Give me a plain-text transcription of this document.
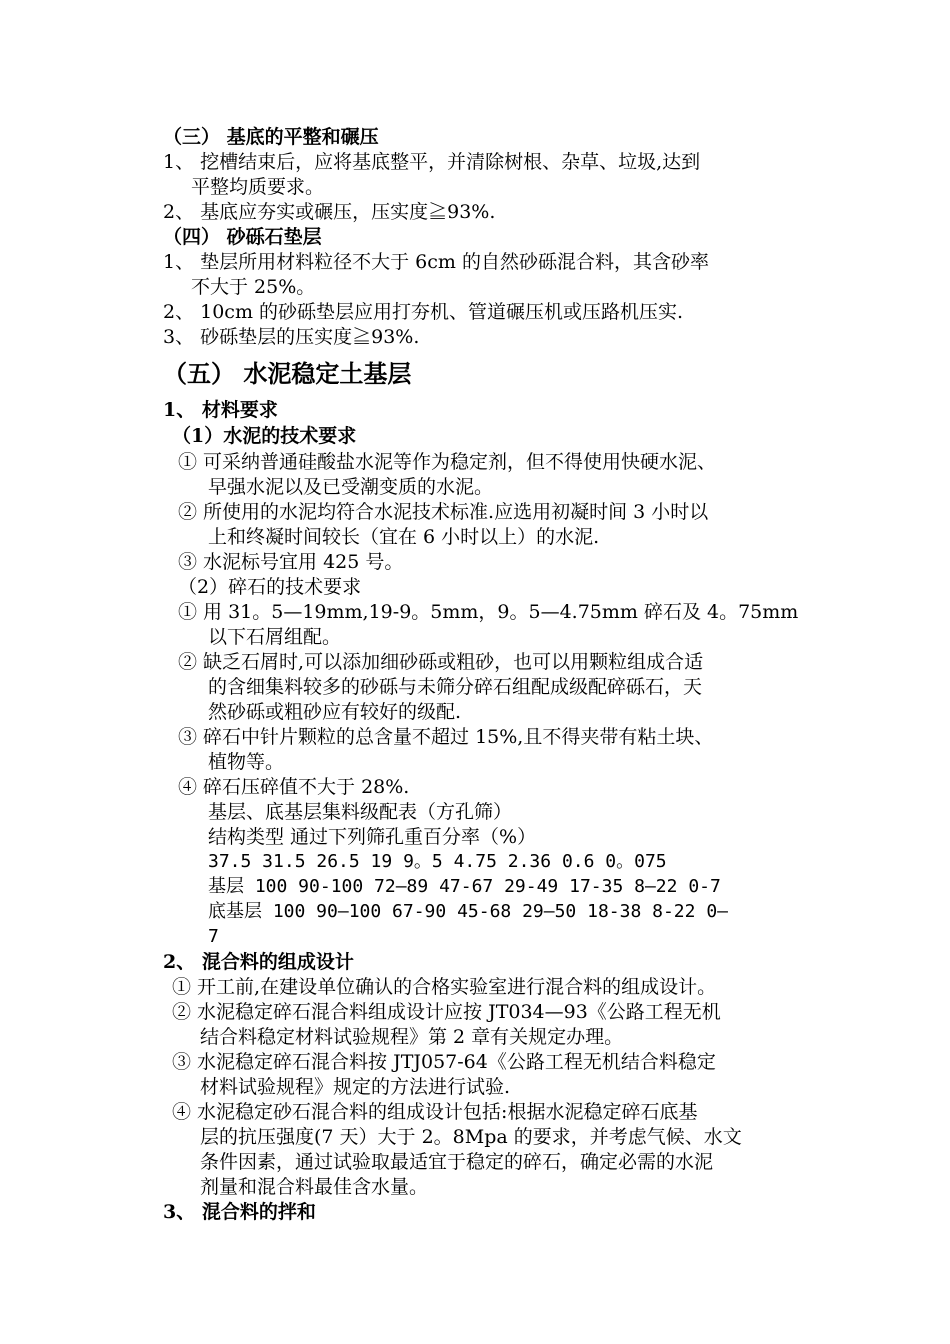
（三） 基底的平整和碾压
1、 挖槽结束后，应将基底整平，并清除树根、杂草、垃圾,达到
平整均质要求。
2、 基底应夯实或碾压，压实度≧93%.
（四） 砂砾石垫层
1、 垫层所用材料粒径不大于 6cm 的自然砂砾混合料，其含砂率
不大于 25%。
2、 10cm 的砂砾垫层应用打夯机、管道碾压机或压路机压实.
3、 砂砾垫层的压实度≧93%.
（五） 水泥稳定土基层
1、 材料要求
（1）水泥的技术要求
① 可采纳普通硅酸盐水泥等作为稳定剂，但不得使用快硬水泥、
早强水泥以及已受潮变质的水泥。
② 所使用的水泥均符合水泥技术标准.应选用初凝时间 3 小时以
上和终凝时间较长（宜在 6 小时以上）的水泥.
③ 水泥标号宜用 425 号。
（2）碎石的技术要求
① 用 31。5—19mm,19-9。5mm，9。5—4.75mm 碎石及 4。75mm
以下石屑组配。
② 缺乏石屑时,可以添加细砂砾或粗砂，也可以用颗粒组成合适
的含细集料较多的砂砾与未筛分碎石组配成级配碎砾石，天
然砂砾或粗砂应有较好的级配.
③ 碎石中针片颗粒的总含量不超过 15%,且不得夹带有粘土块、
植物等。
④ 碎石压碎值不大于 28%.
基层、底基层集料级配表（方孔筛）
结构类型 通过下列筛孔重百分率（%）
37.5 31.5 26.5 19 9。5 4.75 2.36 0.6 0。075
基层 100 90-100 72—89 47-67 29-49 17-35 8—22 0-7
底基层 100 90—100 67-90 45-68 29—50 18-38 8-22 0—
7
2、 混合料的组成设计
① 开工前,在建设单位确认的合格实验室进行混合料的组成设计。
② 水泥稳定碎石混合料组成设计应按 JT034—93《公路工程无机
结合料稳定材料试验规程》第 2 章有关规定办理。
③ 水泥稳定碎石混合料按 JTJ057-64《公路工程无机结合料稳定
材料试验规程》规定的方法进行试验.
④ 水泥稳定砂石混合料的组成设计包括:根据水泥稳定碎石底基
层的抗压强度(7 天）大于 2。8Mpa 的要求，并考虑气候、水文
条件因素，通过试验取最适宜于稳定的碎石，确定必需的水泥
剂量和混合料最佳含水量。
3、 混合料的拌和
